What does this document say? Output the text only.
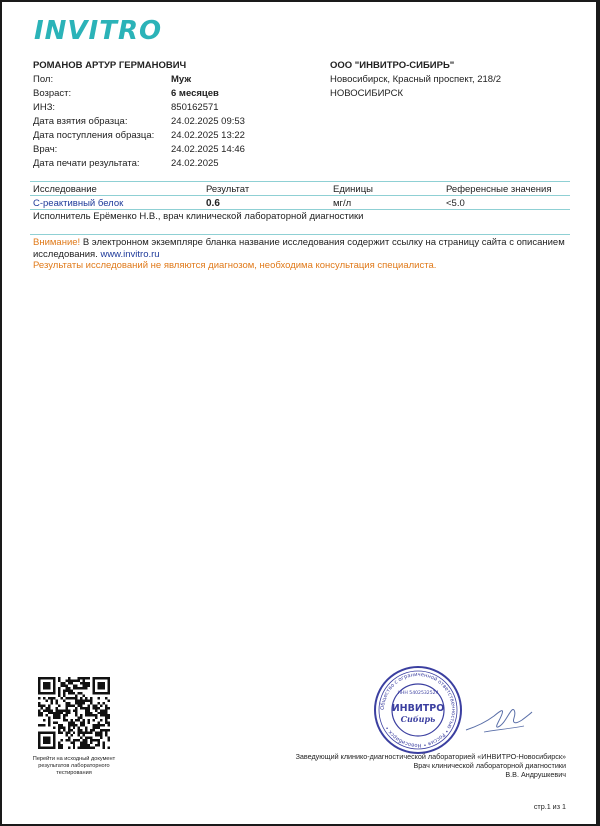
INVITRO
РОМАНОВ АРТУР ГЕРМАНОВИЧ	ООО "ИНВИТРО-СИБИРЬ"
Новосибирск, Красный проспект, 218/2
НОВОСИБИРСК
Пол:	Муж
Возраст:	6 месяцев
ИНЗ:	850162571
Дата взятия образца:	24.02.2025 09:53
Дата поступления образца: 24.02.2025 13:22
Врач:	24.02.2025 14:46
Дата печати результата:	24.02.2025
Исследование	Результат	Единицы	Референсные значения
С-реактивный белок	0.6	мг/л	<5.0
Исполнитель Ерёменко Н.В., врач клинической лабораторной диагностики
Внимание! В электронном экземпляре бланка название исследования содержит ссылку на страницу сайта с описанием исследования. www.invitro.ru
Результаты исследований не являются диагнозом, необходима консультация специалиста.
Перейти на исходный документ результатов лабораторного тестирования
Общество с ограниченной ответственностью • Россия • Новосибирск •
ИНН 5402532524
ИНВИТРО
Сибирь
Заведующий клинико-диагностической лабораторией «ИНВИТРО-Новосибирск»
Врач клинической лабораторной диагностики
В.В. Андрушкевич
стр.1 из 1
